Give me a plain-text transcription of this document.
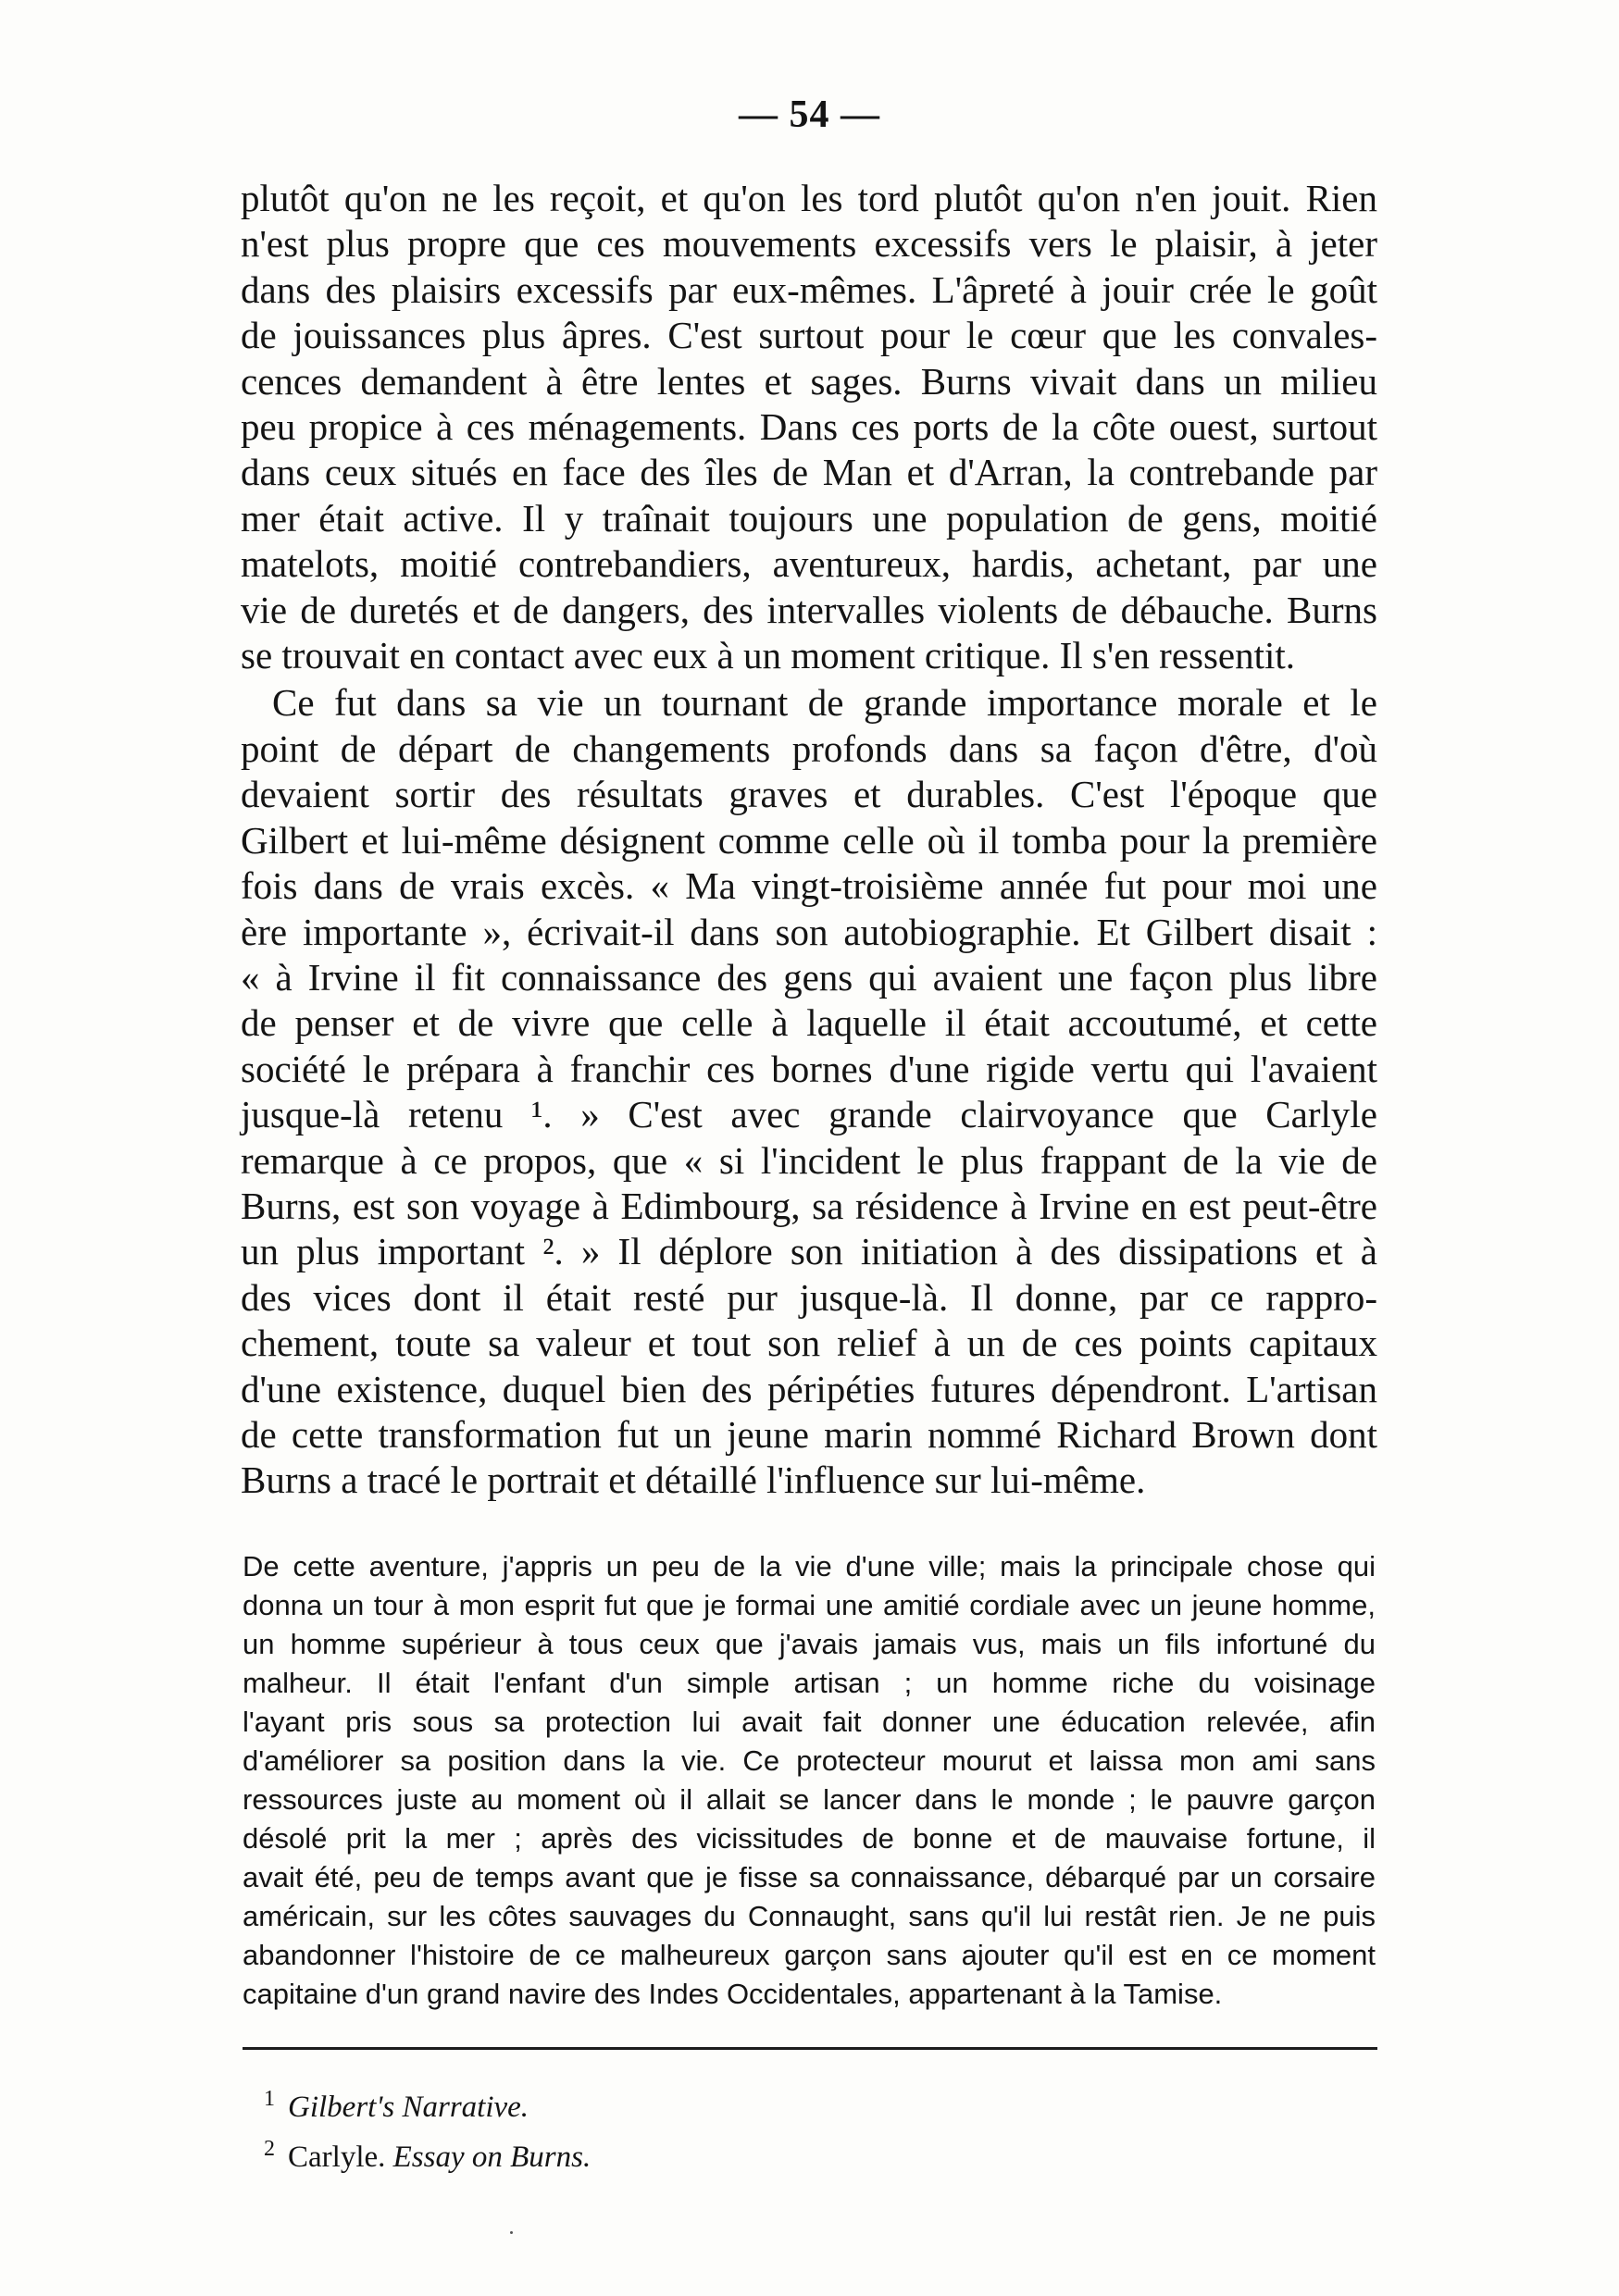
— 54 —
plutôt qu'on ne les reçoit, et qu'on les tord plutôt qu'on n'en jouit. Rien
n'est plus propre que ces mouvements excessifs vers le plaisir, à jeter
dans des plaisirs excessifs par eux-mêmes. L'âpreté à jouir crée le goût
de jouissances plus âpres. C'est surtout pour le cœur que les convales-
cences demandent à être lentes et sages. Burns vivait dans un milieu
peu propice à ces ménagements. Dans ces ports de la côte ouest, surtout
dans ceux situés en face des îles de Man et d'Arran, la contrebande par
mer était active. Il y traînait toujours une population de gens, moitié
matelots, moitié contrebandiers, aventureux, hardis, achetant, par une
vie de duretés et de dangers, des intervalles violents de débauche. Burns
se trouvait en contact avec eux à un moment critique. Il s'en ressentit.
Ce fut dans sa vie un tournant de grande importance morale et le
point de départ de changements profonds dans sa façon d'être, d'où
devaient sortir des résultats graves et durables. C'est l'époque que
Gilbert et lui-même désignent comme celle où il tomba pour la première
fois dans de vrais excès. « Ma vingt-troisième année fut pour moi une
ère importante », écrivait-il dans son autobiographie. Et Gilbert disait :
« à Irvine il fit connaissance des gens qui avaient une façon plus libre
de penser et de vivre que celle à laquelle il était accoutumé, et cette
société le prépara à franchir ces bornes d'une rigide vertu qui l'avaient
jusque-là retenu ¹. » C'est avec grande clairvoyance que Carlyle
remarque à ce propos, que « si l'incident le plus frappant de la vie de
Burns, est son voyage à Edimbourg, sa résidence à Irvine en est peut-être
un plus important ². » Il déplore son initiation à des dissipations et à
des vices dont il était resté pur jusque-là. Il donne, par ce rappro-
chement, toute sa valeur et tout son relief à un de ces points capitaux
d'une existence, duquel bien des péripéties futures dépendront. L'artisan
de cette transformation fut un jeune marin nommé Richard Brown dont
Burns a tracé le portrait et détaillé l'influence sur lui-même.
De cette aventure, j'appris un peu de la vie d'une ville; mais la principale chose qui
donna un tour à mon esprit fut que je formai une amitié cordiale avec un jeune homme,
un homme supérieur à tous ceux que j'avais jamais vus, mais un fils infortuné du
malheur. Il était l'enfant d'un simple artisan ; un homme riche du voisinage
l'ayant pris sous sa protection lui avait fait donner une éducation relevée, afin
d'améliorer sa position dans la vie. Ce protecteur mourut et laissa mon ami sans
ressources juste au moment où il allait se lancer dans le monde ; le pauvre garçon
désolé prit la mer ; après des vicissitudes de bonne et de mauvaise fortune, il
avait été, peu de temps avant que je fisse sa connaissance, débarqué par un corsaire
américain, sur les côtes sauvages du Connaught, sans qu'il lui restât rien. Je ne puis
abandonner l'histoire de ce malheureux garçon sans ajouter qu'il est en ce moment
capitaine d'un grand navire des Indes Occidentales, appartenant à la Tamise.
$^1$ Gilbert's Narrative.
$^2$ Carlyle. Essay on Burns.
